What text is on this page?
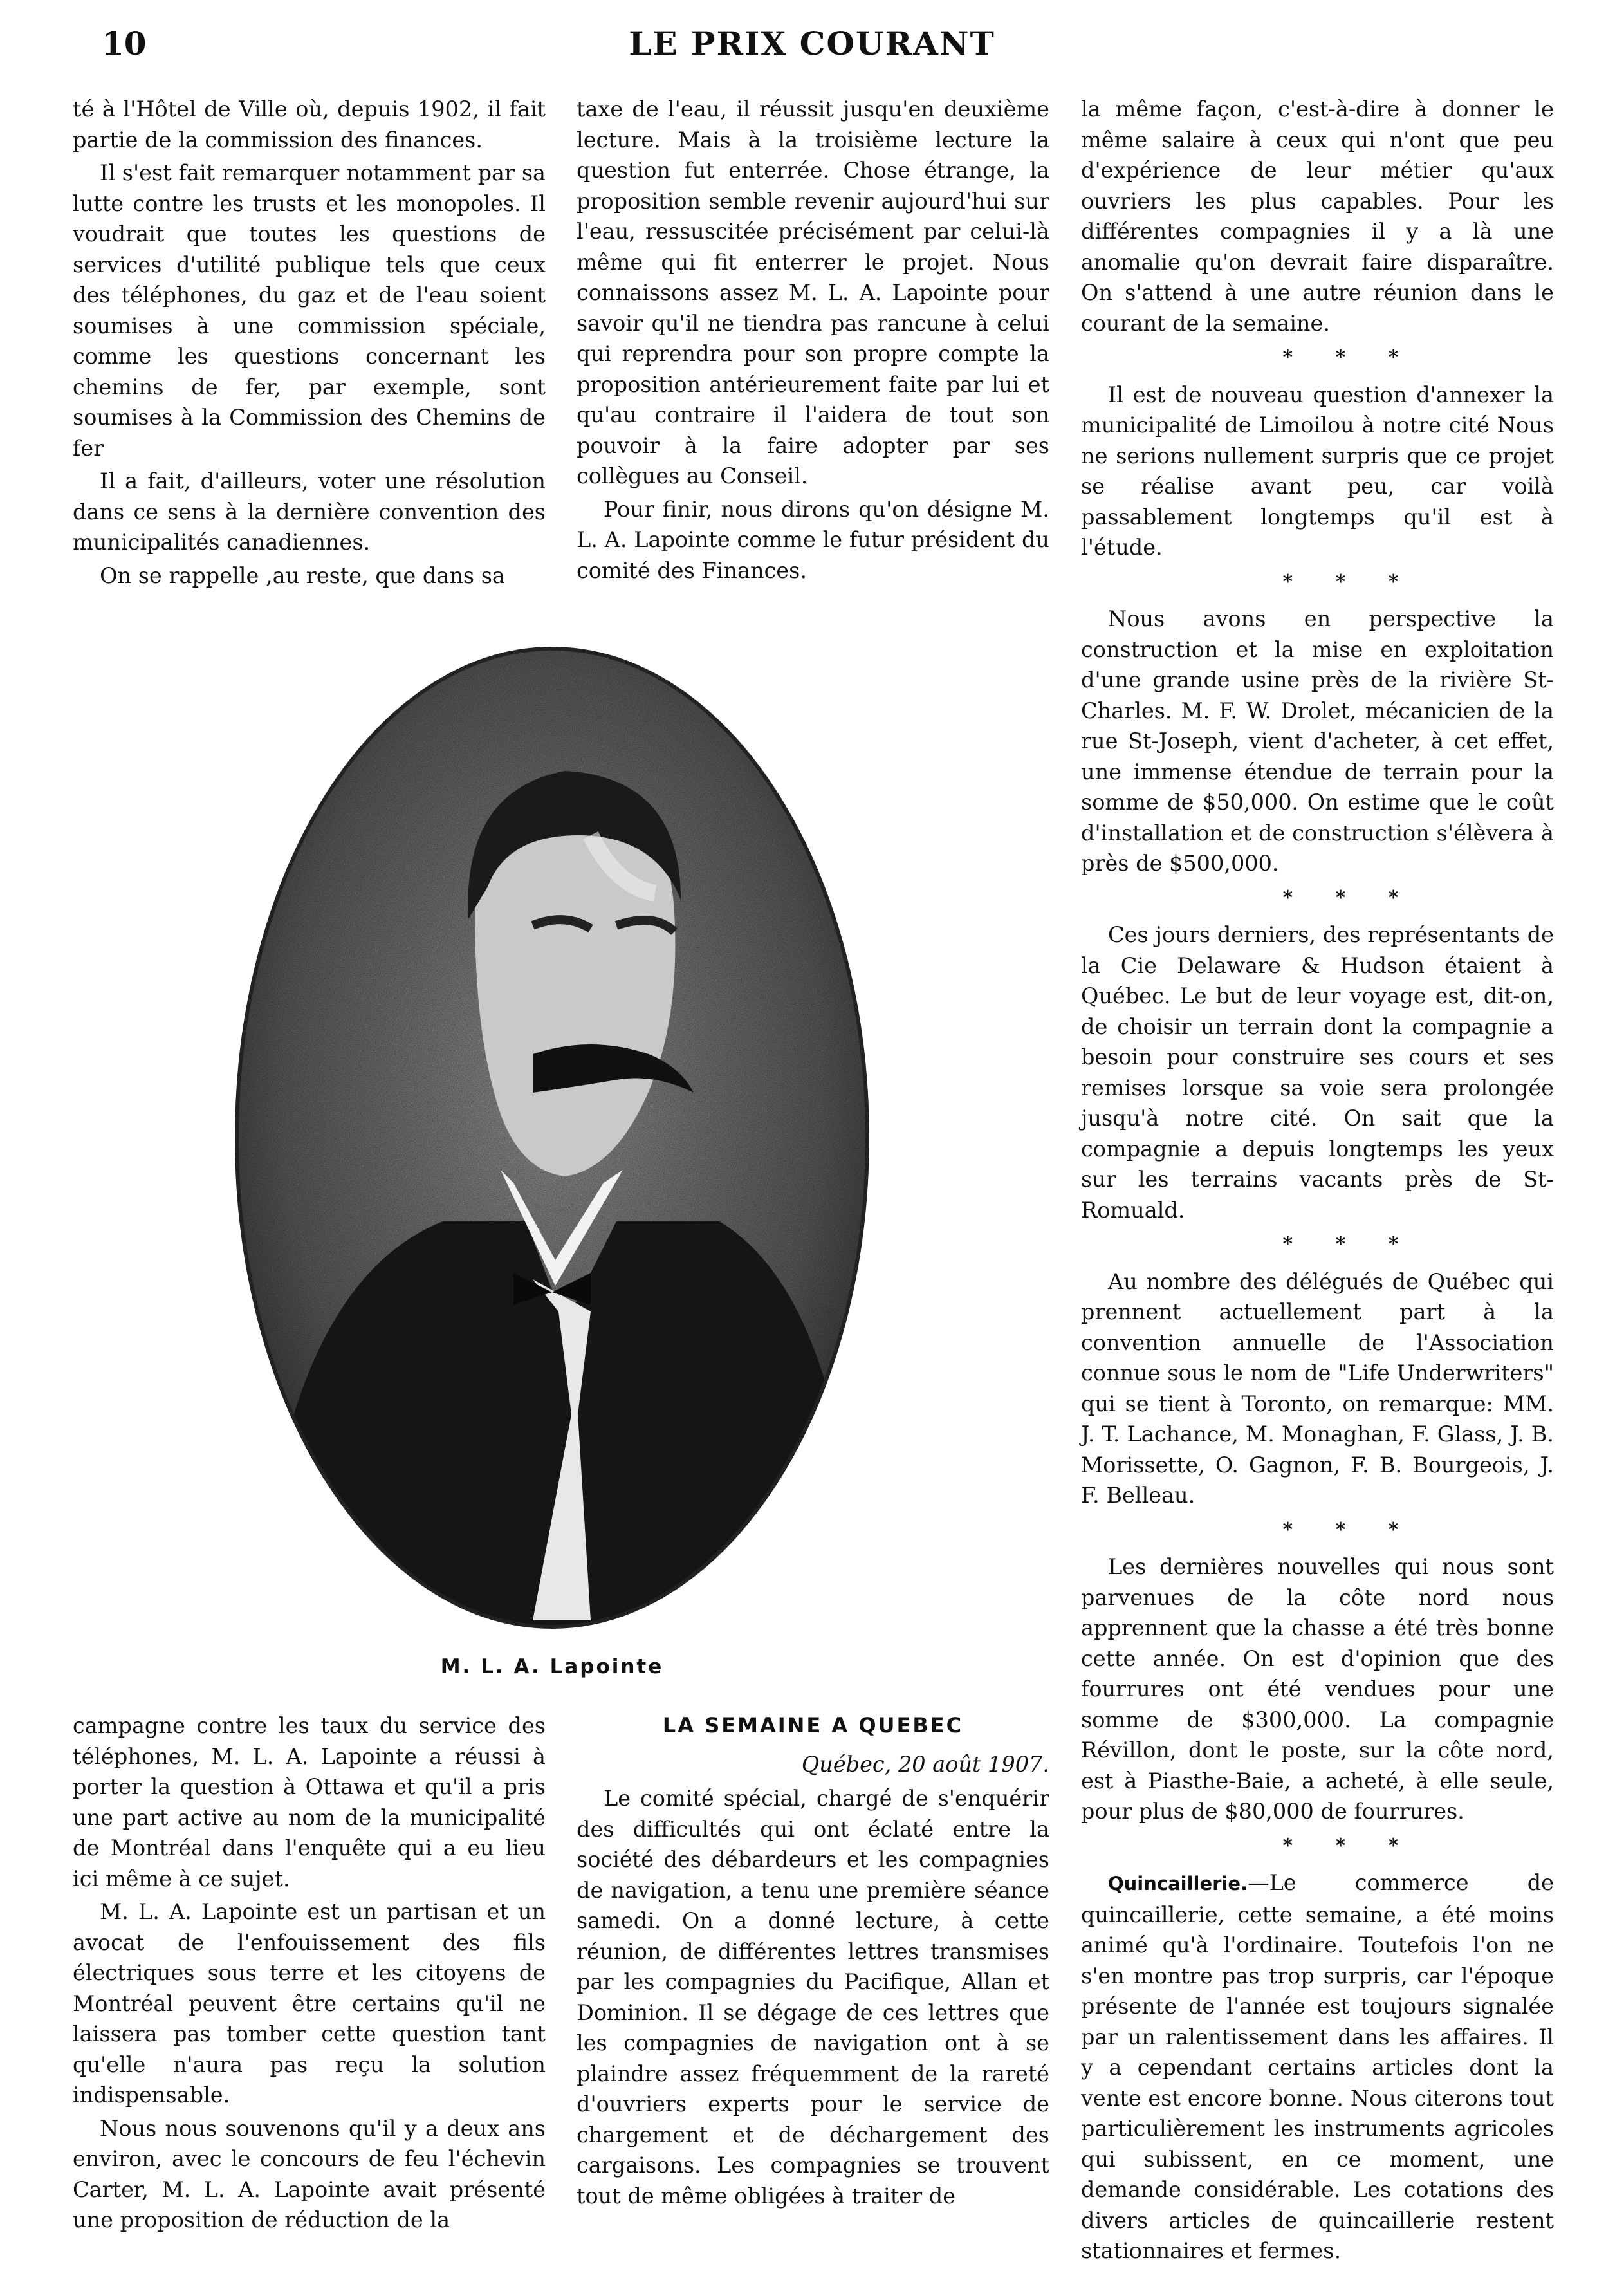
10	LE PRIX COURANT

té à l'Hôtel de Ville où, depuis 1902, il fait partie de la commission des finances.

Il s'est fait remarquer notamment par sa lutte contre les trusts et les monopoles. Il voudrait que toutes les questions de services d'utilité publique tels que ceux des téléphones, du gaz et de l'eau soient soumises à une commission spéciale, comme les questions concernant les chemins de fer, par exemple, sont soumises à la Commission des Chemins de fer

Il a fait, d'ailleurs, voter une résolution dans ce sens à la dernière convention des municipalités canadiennes.

On se rappelle ,au reste, que dans sa

taxe de l'eau, il réussit jusqu'en deuxième lecture. Mais à la troisième lecture la question fut enterrée. Chose étrange, la proposition semble revenir aujourd'hui sur l'eau, ressuscitée précisément par celui-là même qui fit enterrer le projet. Nous connaissons assez M. L. A. Lapointe pour savoir qu'il ne tiendra pas rancune à celui qui reprendra pour son propre compte la proposition antérieurement faite par lui et qu'au contraire il l'aidera de tout son pouvoir à la faire adopter par ses collègues au Conseil.

Pour finir, nous dirons qu'on désigne M. L. A. Lapointe comme le futur président du comité des Finances.

M. L. A. Lapointe

campagne contre les taux du service des téléphones, M. L. A. Lapointe a réussi à porter la question à Ottawa et qu'il a pris une part active au nom de la municipalité de Montréal dans l'enquête qui a eu lieu ici même à ce sujet.

M. L. A. Lapointe est un partisan et un avocat de l'enfouissement des fils électriques sous terre et les citoyens de Montréal peuvent être certains qu'il ne laissera pas tomber cette question tant qu'elle n'aura pas reçu la solution indispensable.

Nous nous souvenons qu'il y a deux ans environ, avec le concours de feu l'échevin Carter, M. L. A. Lapointe avait présenté une proposition de réduction de la

LA SEMAINE A QUEBEC
Québec, 20 août 1907.

Le comité spécial, chargé de s'enquérir des difficultés qui ont éclaté entre la société des débardeurs et les compagnies de navigation, a tenu une première séance samedi. On a donné lecture, à cette réunion, de différentes lettres transmises par les compagnies du Pacifique, Allan et Dominion. Il se dégage de ces lettres que les compagnies de navigation ont à se plaindre assez fréquemment de la rareté d'ouvriers experts pour le service de chargement et de déchargement des cargaisons. Les compagnies se trouvent tout de même obligées à traiter de

la même façon, c'est-à-dire à donner le même salaire à ceux qui n'ont que peu d'expérience de leur métier qu'aux ouvriers les plus capables. Pour les différentes compagnies il y a là une anomalie qu'on devrait faire disparaître. On s'attend à une autre réunion dans le courant de la semaine.

* * *

Il est de nouveau question d'annexer la municipalité de Limoilou à notre cité Nous ne serions nullement surpris que ce projet se réalise avant peu, car voilà passablement longtemps qu'il est à l'étude.

* * *

Nous avons en perspective la construction et la mise en exploitation d'une grande usine près de la rivière St-Charles. M. F. W. Drolet, mécanicien de la rue St-Joseph, vient d'acheter, à cet effet, une immense étendue de terrain pour la somme de $50,000. On estime que le coût d'installation et de construction s'élèvera à près de $500,000.

* * *

Ces jours derniers, des représentants de la Cie Delaware & Hudson étaient à Québec. Le but de leur voyage est, dit-on, de choisir un terrain dont la compagnie a besoin pour construire ses cours et ses remises lorsque sa voie sera prolongée jusqu'à notre cité. On sait que la compagnie a depuis longtemps les yeux sur les terrains vacants près de St-Romuald.

* * *

Au nombre des délégués de Québec qui prennent actuellement part à la convention annuelle de l'Association connue sous le nom de "Life Underwriters" qui se tient à Toronto, on remarque: MM. J. T. Lachance, M. Monaghan, F. Glass, J. B. Morissette, O. Gagnon, F. B. Bourgeois, J. F. Belleau.

* * *

Les dernières nouvelles qui nous sont parvenues de la côte nord nous apprennent que la chasse a été très bonne cette année. On est d'opinion que des fourrures ont été vendues pour une somme de $300,000. La compagnie Révillon, dont le poste, sur la côte nord, est à Piasthe-Baie, a acheté, à elle seule, pour plus de $80,000 de fourrures.

* * *

Quincaillerie.—Le commerce de quincaillerie, cette semaine, a été moins animé qu'à l'ordinaire. Toutefois l'on ne s'en montre pas trop surpris, car l'époque présente de l'année est toujours signalée par un ralentissement dans les affaires. Il y a cependant certains articles dont la vente est encore bonne. Nous citerons tout particulièrement les instruments agricoles qui subissent, en ce moment, une demande considérable. Les cotations des divers articles de quincaillerie restent stationnaires et fermes.
